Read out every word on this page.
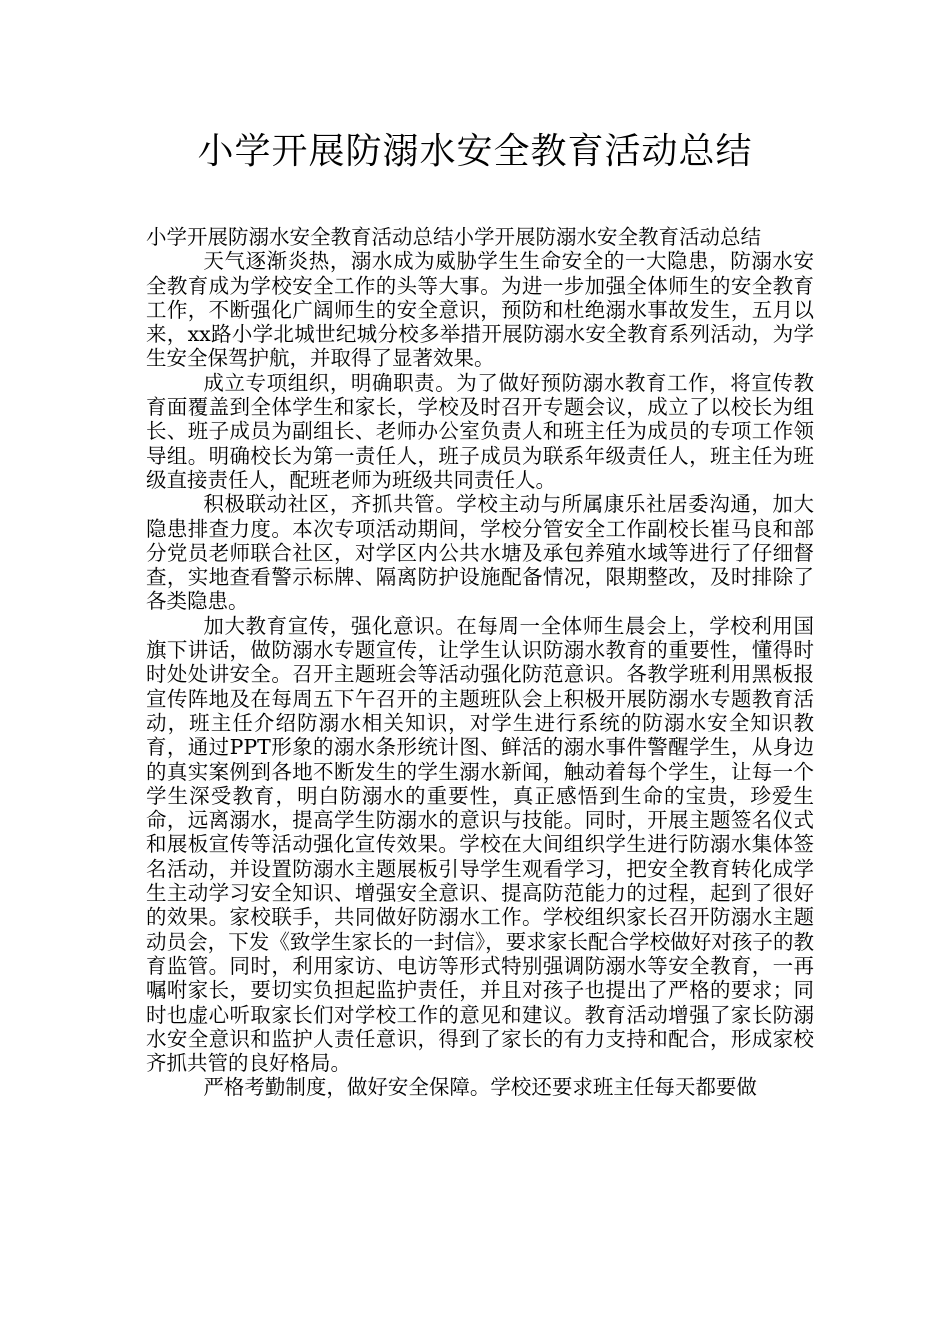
小学开展防溺水安全教育活动总结

小学开展防溺水安全教育活动总结小学开展防溺水安全教育活动总结

天气逐渐炎热，溺水成为威胁学生生命安全的一大隐患，防溺水安全教育成为学校安全工作的头等大事。为进一步加强全体师生的安全教育工作，不断强化广阔师生的安全意识，预防和杜绝溺水事故发生，五月以来，xx路小学北城世纪城分校多举措开展防溺水安全教育系列活动，为学生安全保驾护航，并取得了显著效果。

成立专项组织，明确职责。为了做好预防溺水教育工作，将宣传教育面覆盖到全体学生和家长，学校及时召开专题会议，成立了以校长为组长、班子成员为副组长、老师办公室负责人和班主任为成员的专项工作领导组。明确校长为第一责任人，班子成员为联系年级责任人，班主任为班级直接责任人，配班老师为班级共同责任人。

积极联动社区，齐抓共管。学校主动与所属康乐社居委沟通，加大隐患排查力度。本次专项活动期间，学校分管安全工作副校长崔马良和部分党员老师联合社区，对学区内公共水塘及承包养殖水域等进行了仔细督查，实地查看警示标牌、隔离防护设施配备情况，限期整改，及时排除了各类隐患。

加大教育宣传，强化意识。在每周一全体师生晨会上，学校利用国旗下讲话，做防溺水专题宣传，让学生认识防溺水教育的重要性，懂得时时处处讲安全。召开主题班会等活动强化防范意识。各教学班利用黑板报宣传阵地及在每周五下午召开的主题班队会上积极开展防溺水专题教育活动，班主任介绍防溺水相关知识，对学生进行系统的防溺水安全知识教育，通过PPT形象的溺水条形统计图、鲜活的溺水事件警醒学生，从身边的真实案例到各地不断发生的学生溺水新闻，触动着每个学生，让每一个学生深受教育，明白防溺水的重要性，真正感悟到生命的宝贵，珍爱生命，远离溺水，提高学生防溺水的意识与技能。同时，开展主题签名仪式和展板宣传等活动强化宣传效果。学校在大间组织学生进行防溺水集体签名活动，并设置防溺水主题展板引导学生观看学习，把安全教育转化成学生主动学习安全知识、增强安全意识、提高防范能力的过程，起到了很好的效果。家校联手，共同做好防溺水工作。学校组织家长召开防溺水主题动员会，下发《致学生家长的一封信》，要求家长配合学校做好对孩子的教育监管。同时，利用家访、电访等形式特别强调防溺水等安全教育，一再嘱咐家长，要切实负担起监护责任，并且对孩子也提出了严格的要求；同时也虚心听取家长们对学校工作的意见和建议。教育活动增强了家长防溺水安全意识和监护人责任意识，得到了家长的有力支持和配合，形成家校齐抓共管的良好格局。

严格考勤制度，做好安全保障。学校还要求班主任每天都要做
